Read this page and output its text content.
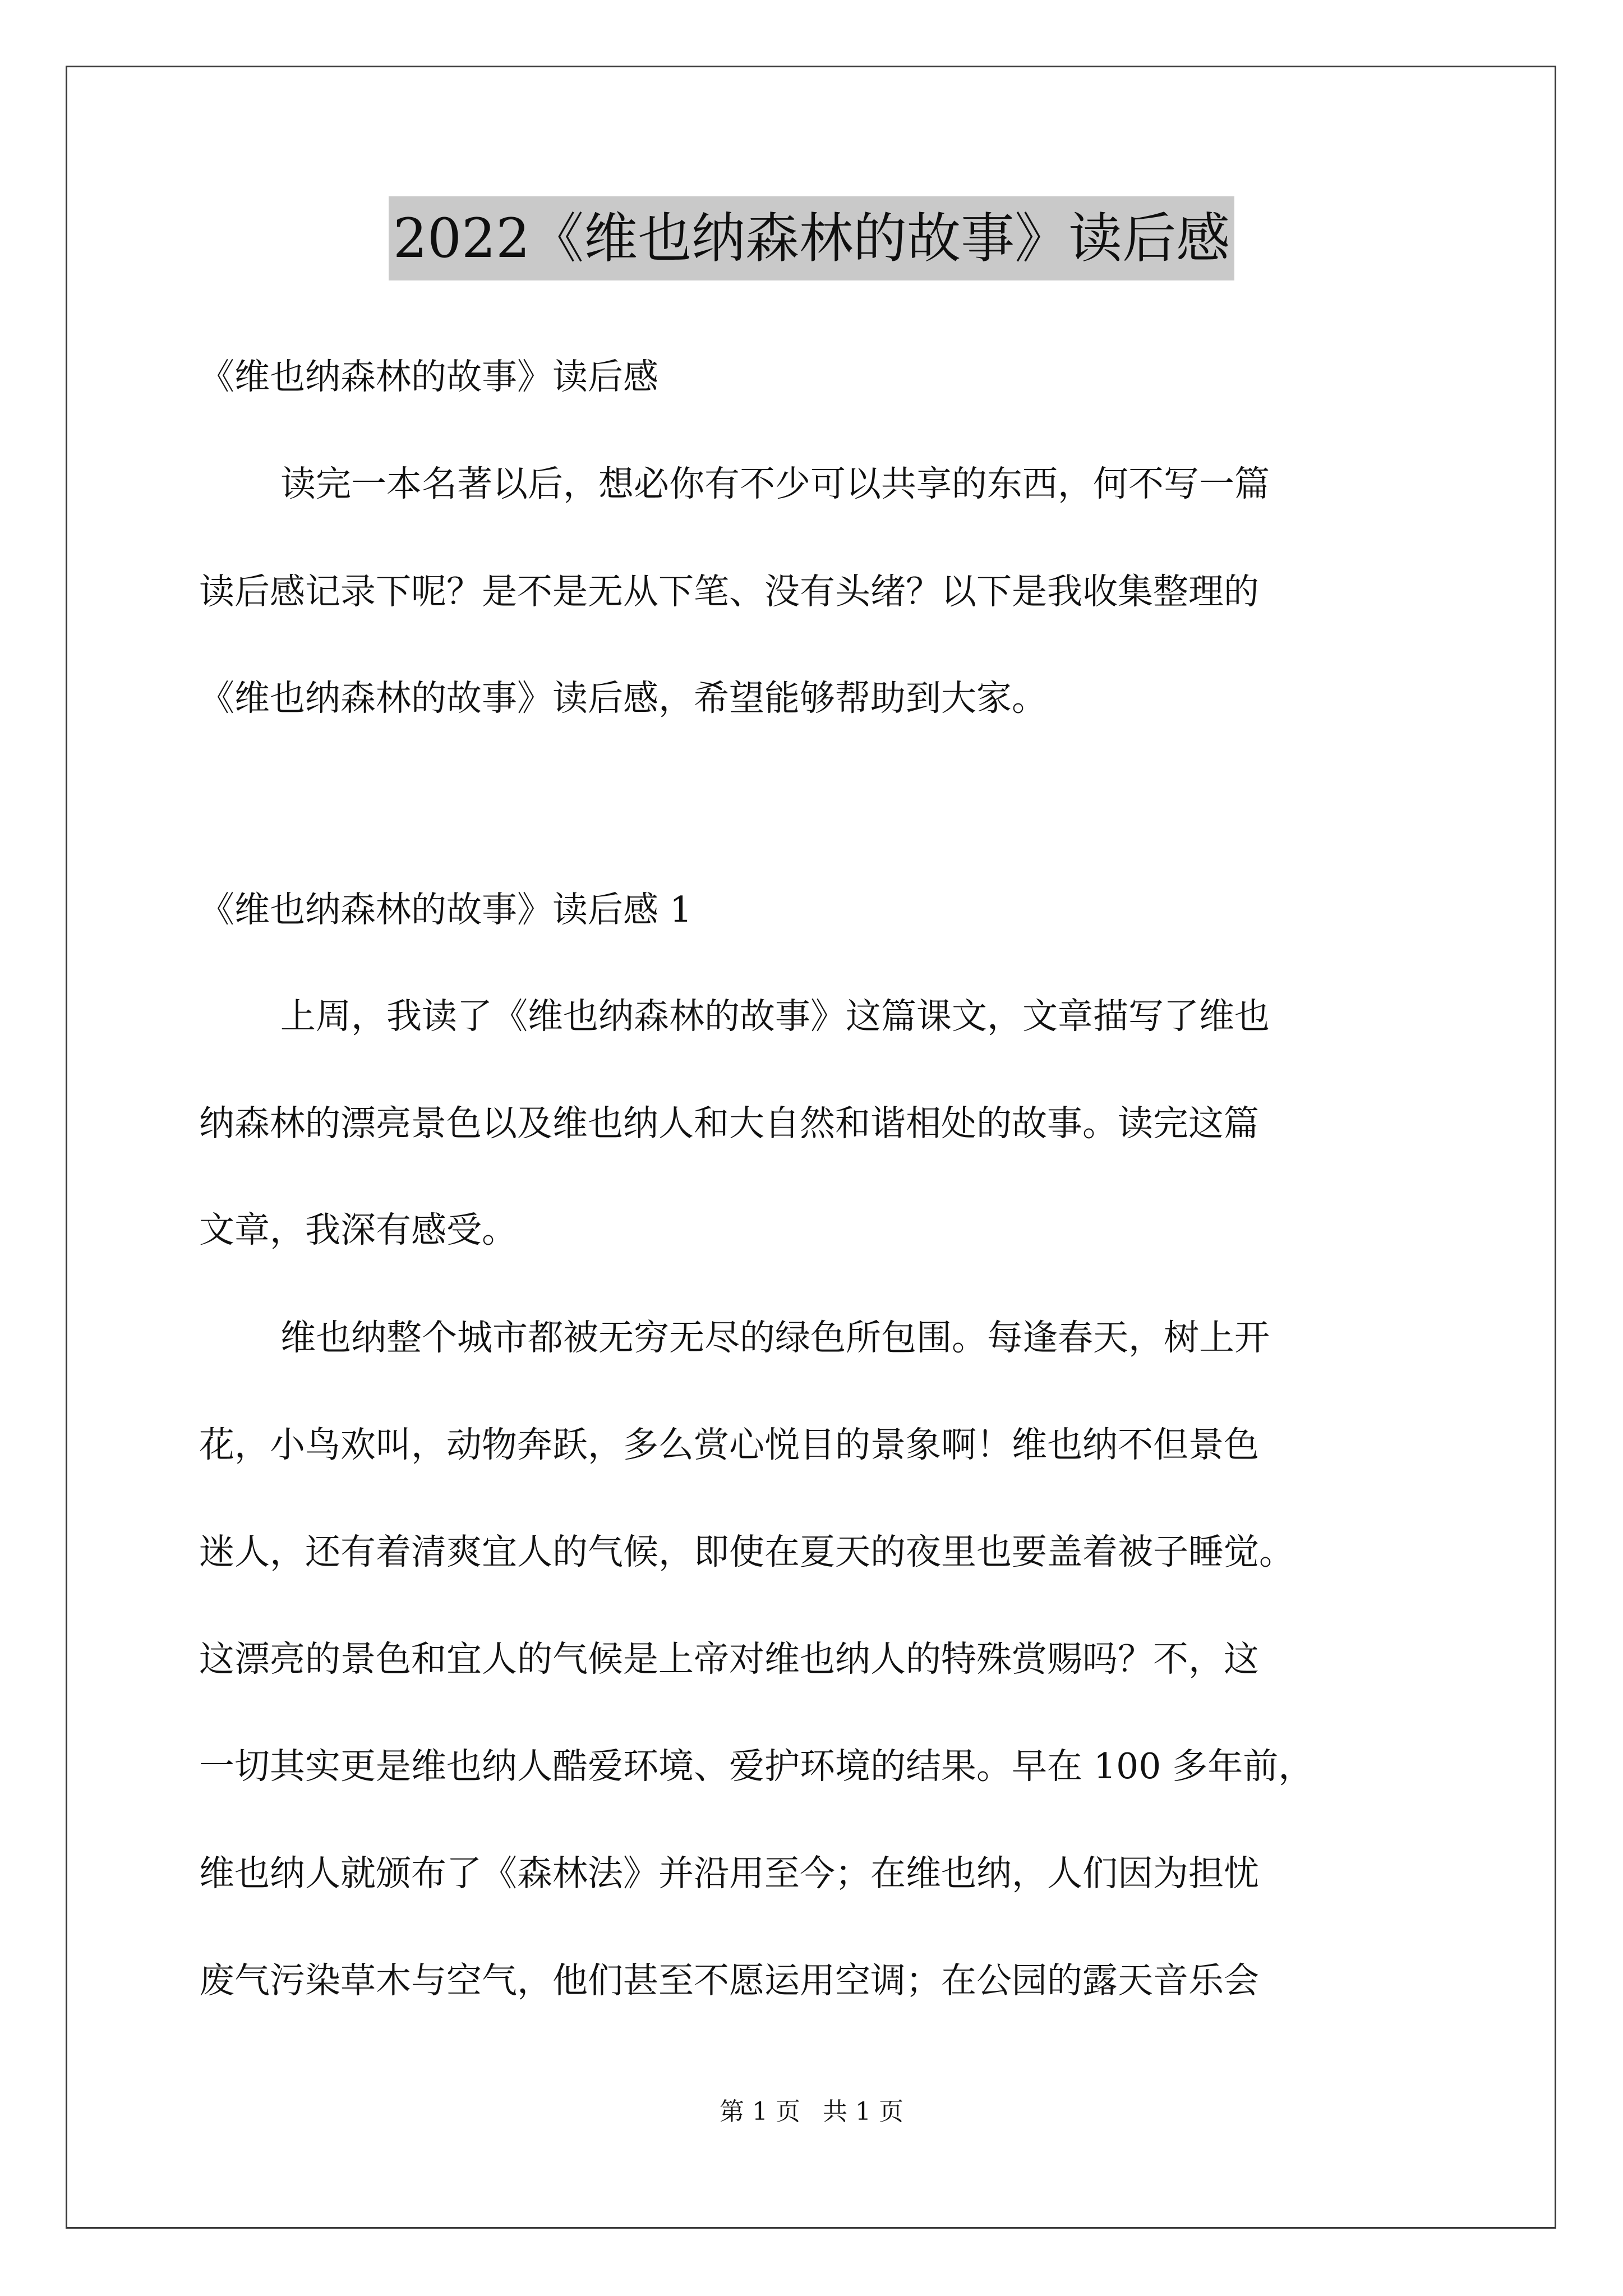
2022《维也纳森林的故事》读后感
《维也纳森林的故事》读后感
读完一本名著以后，想必你有不少可以共享的东西，何不写一篇
读后感记录下呢？是不是无从下笔、没有头绪？以下是我收集整理的
《维也纳森林的故事》读后感，希望能够帮助到大家。
《维也纳森林的故事》读后感 1
上周，我读了《维也纳森林的故事》这篇课文，文章描写了维也
纳森林的漂亮景色以及维也纳人和大自然和谐相处的故事。读完这篇
文章，我深有感受。
维也纳整个城市都被无穷无尽的绿色所包围。每逢春天，树上开
花，小鸟欢叫，动物奔跃，多么赏心悦目的景象啊！维也纳不但景色
迷人，还有着清爽宜人的气候，即使在夏天的夜里也要盖着被子睡觉。
这漂亮的景色和宜人的气候是上帝对维也纳人的特殊赏赐吗？不，这
一切其实更是维也纳人酷爱环境、爱护环境的结果。早在 100 多年前，
维也纳人就颁布了《森林法》并沿用至今；在维也纳，人们因为担忧
废气污染草木与空气，他们甚至不愿运用空调；在公园的露天音乐会
第 1 页 共 1 页
